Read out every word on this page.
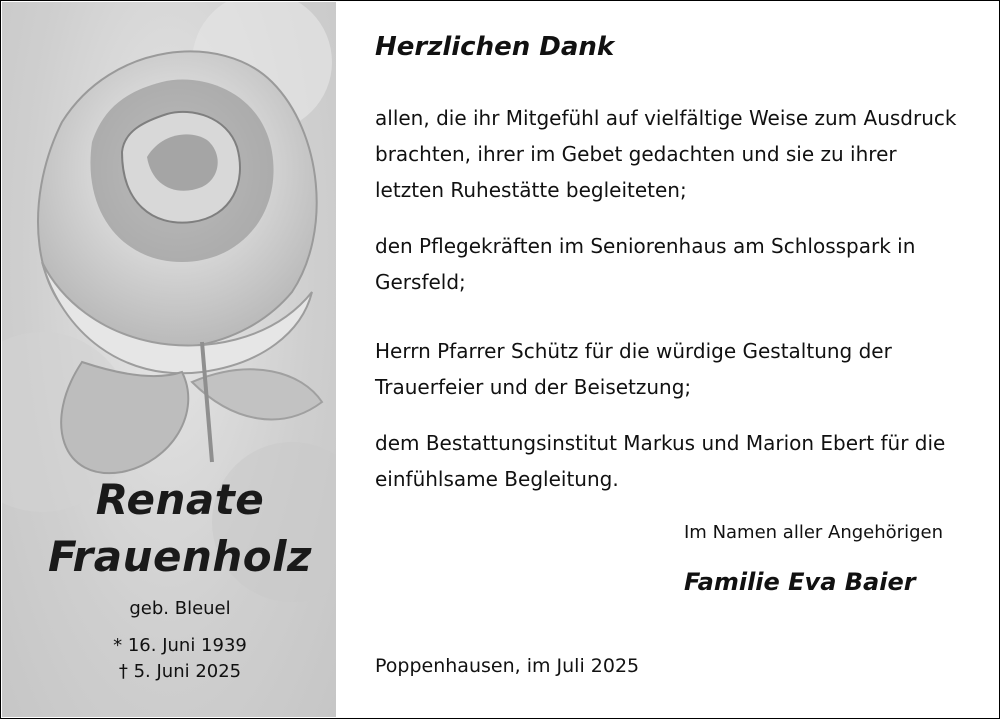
Renate
Frauenholz
geb. Bleuel
* 16. Juni 1939
† 5. Juni 2025
Herzlichen Dank
allen, die ihr Mitgefühl auf vielfältige Weise zum Ausdruck
brachten, ihrer im Gebet gedachten und sie zu ihrer
letzten Ruhestätte begleiteten;
den Pflegekräften im Seniorenhaus am Schlosspark in
Gersfeld;
Herrn Pfarrer Schütz für die würdige Gestaltung der
Trauerfeier und der Beisetzung;
dem Bestattungsinstitut Markus und Marion Ebert für die
einfühlsame Begleitung.
Im Namen aller Angehörigen
Familie Eva Baier
Poppenhausen, im Juli 2025
